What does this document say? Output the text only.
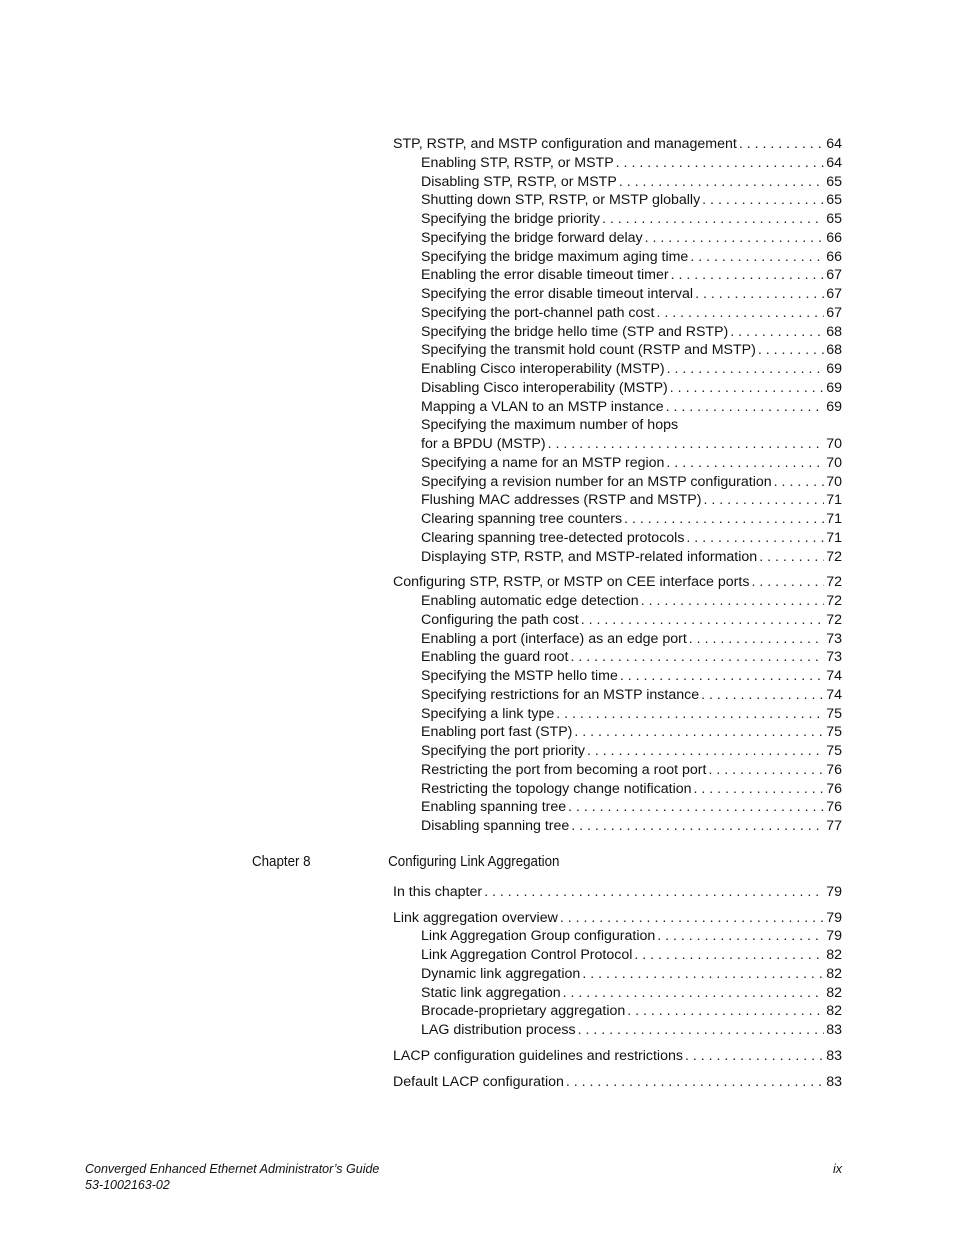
STP, RSTP, and MSTP configuration and management . . .	64
Enabling STP, RSTP, or MSTP . . .	64
Disabling STP, RSTP, or MSTP . . .	65
Shutting down STP, RSTP, or MSTP globally . . .	65
Specifying the bridge priority . . .	65
Specifying the bridge forward delay . . .	66
Specifying the bridge maximum aging time . . .	66
Enabling the error disable timeout timer . . .	67
Specifying the error disable timeout interval . . .	67
Specifying the port-channel path cost . . .	67
Specifying the bridge hello time (STP and RSTP) . . .	68
Specifying the transmit hold count (RSTP and MSTP) . . .	68
Enabling Cisco interoperability (MSTP) . . .	69
Disabling Cisco interoperability (MSTP) . . .	69
Mapping a VLAN to an MSTP instance . . .	69
Specifying the maximum number of hops
for a BPDU (MSTP) . . .	70
Specifying a name for an MSTP region . . .	70
Specifying a revision number for an MSTP configuration . . .	70
Flushing MAC addresses (RSTP and MSTP) . . .	71
Clearing spanning tree counters . . .	71
Clearing spanning tree-detected protocols . . .	71
Displaying STP, RSTP, and MSTP-related information . . .	72
Configuring STP, RSTP, or MSTP on CEE interface ports . . .	72
Enabling automatic edge detection . . .	72
Configuring the path cost . . .	72
Enabling a port (interface) as an edge port . . .	73
Enabling the guard root . . .	73
Specifying the MSTP hello time . . .	74
Specifying restrictions for an MSTP instance . . .	74
Specifying a link type . . .	75
Enabling port fast (STP) . . .	75
Specifying the port priority . . .	75
Restricting the port from becoming a root port . . .	76
Restricting the topology change notification . . .	76
Enabling spanning tree . . .	76
Disabling spanning tree . . .	77
Chapter 8	Configuring Link Aggregation
In this chapter . . .	79
Link aggregation overview . . .	79
Link Aggregation Group configuration . . .	79
Link Aggregation Control Protocol . . .	82
Dynamic link aggregation . . .	82
Static link aggregation . . .	82
Brocade-proprietary aggregation . . .	82
LAG distribution process . . .	83
LACP configuration guidelines and restrictions . . .	83
Default LACP configuration . . .	83
Converged Enhanced Ethernet Administrator’s Guide
53-1002163-02
ix
